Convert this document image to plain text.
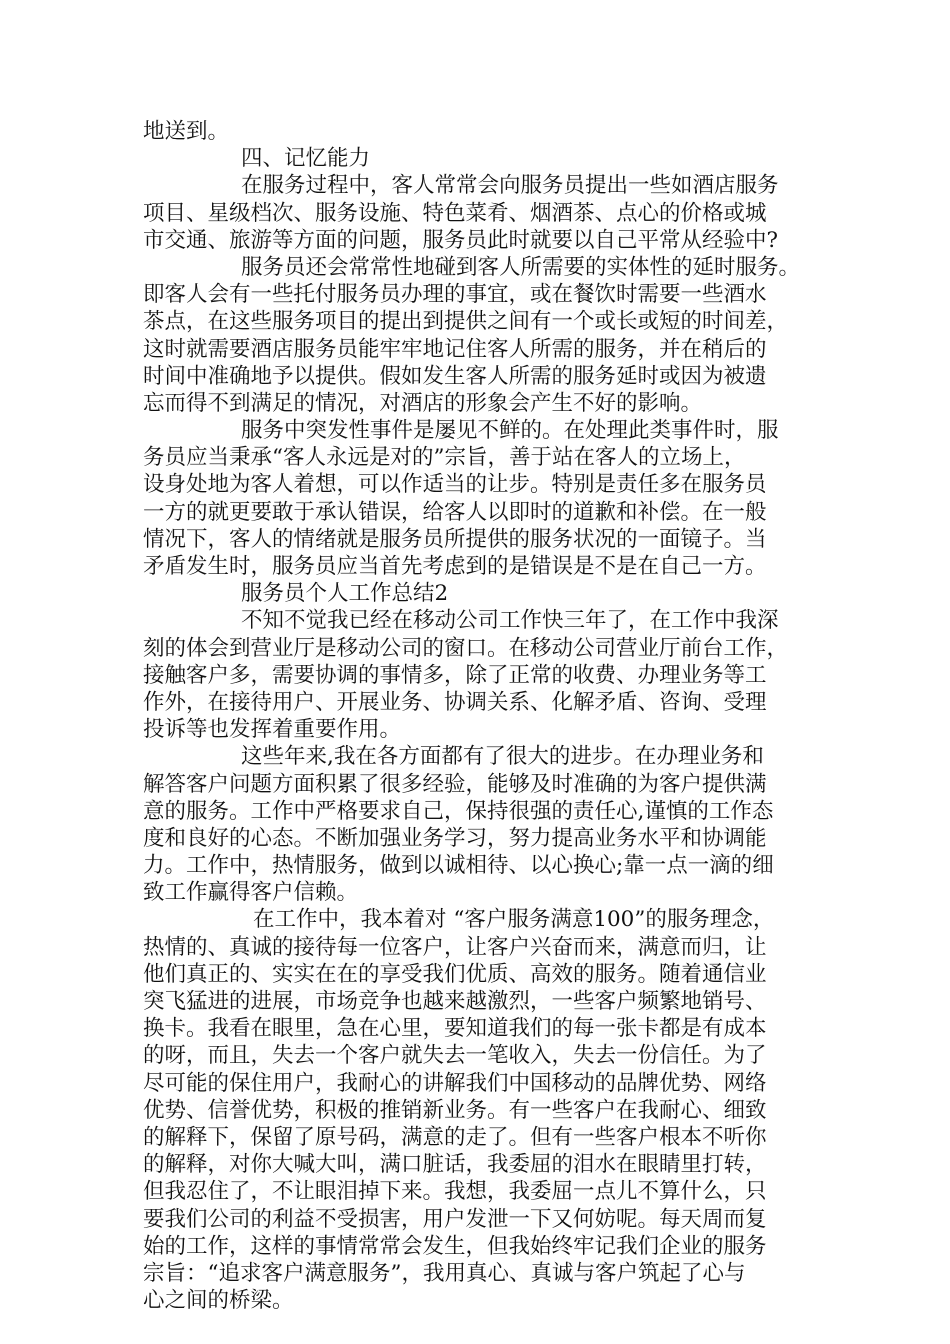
地送到。
四、记忆能力
在服务过程中，客人常常会向服务员提出一些如酒店服务
项目、星级档次、服务设施、特色菜肴、烟酒茶、点心的价格或城
市交通、旅游等方面的问题，服务员此时就要以自己平常从经验中?
服务员还会常常性地碰到客人所需要的实体性的延时服务。
即客人会有一些托付服务员办理的事宜，或在餐饮时需要一些酒水
茶点，在这些服务项目的提出到提供之间有一个或长或短的时间差，
这时就需要酒店服务员能牢牢地记住客人所需的服务，并在稍后的
时间中准确地予以提供。假如发生客人所需的服务延时或因为被遗
忘而得不到满足的情况，对酒店的形象会产生不好的影响。
服务中突发性事件是屡见不鲜的。在处理此类事件时，服
务员应当秉承“客人永远是对的”宗旨，善于站在客人的立场上，
设身处地为客人着想，可以作适当的让步。特别是责任多在服务员
一方的就更要敢于承认错误，给客人以即时的道歉和补偿。在一般
情况下，客人的情绪就是服务员所提供的服务状况的一面镜子。当
矛盾发生时，服务员应当首先考虑到的是错误是不是在自己一方。
服务员个人工作总结2
不知不觉我已经在移动公司工作快三年了，在工作中我深
刻的体会到营业厅是移动公司的窗口。在移动公司营业厅前台工作，
接触客户多，需要协调的事情多，除了正常的收费、办理业务等工
作外，在接待用户、开展业务、协调关系、化解矛盾、咨询、受理
投诉等也发挥着重要作用。
这些年来,我在各方面都有了很大的进步。在办理业务和
解答客户问题方面积累了很多经验，能够及时准确的为客户提供满
意的服务。工作中严格要求自己，保持很强的责任心,谨慎的工作态
度和良好的心态。不断加强业务学习，努力提高业务水平和协调能
力。工作中，热情服务，做到以诚相待、以心换心;靠一点一滴的细
致工作赢得客户信赖。
在工作中，我本着对 “客户服务满意100”的服务理念，
热情的、真诚的接待每一位客户，让客户兴奋而来，满意而归，让
他们真正的、实实在在的享受我们优质、高效的服务。随着通信业
突飞猛进的进展，市场竞争也越来越激烈，一些客户频繁地销号、
换卡。我看在眼里，急在心里，要知道我们的每一张卡都是有成本
的呀，而且，失去一个客户就失去一笔收入，失去一份信任。为了
尽可能的保住用户，我耐心的讲解我们中国移动的品牌优势、网络
优势、信誉优势，积极的推销新业务。有一些客户在我耐心、细致
的解释下，保留了原号码，满意的走了。但有一些客户根本不听你
的解释，对你大喊大叫，满口脏话，我委屈的泪水在眼睛里打转，
但我忍住了，不让眼泪掉下来。我想，我委屈一点儿不算什么，只
要我们公司的利益不受损害，用户发泄一下又何妨呢。每天周而复
始的工作，这样的事情常常会发生，但我始终牢记我们企业的服务
宗旨：“追求客户满意服务”，我用真心、真诚与客户筑起了心与
心之间的桥梁。
